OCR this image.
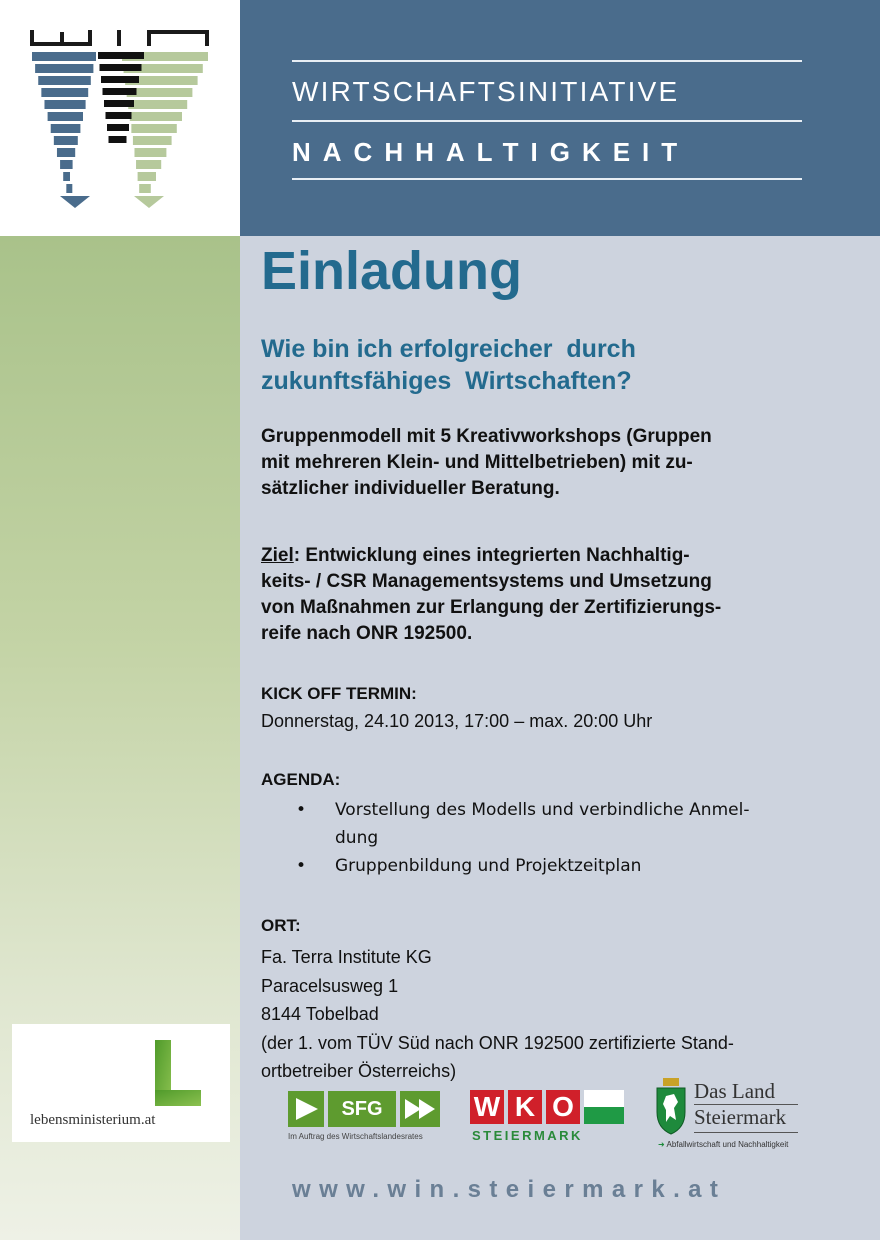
WIRTSCHAFTSINITIATIVE
NACHHALTIGKEIT
lebensministerium.at
Einladung
Wie bin ich erfolgreicher  durch
zukunftsfähiges  Wirtschaften?
Gruppenmodell mit 5 Kreativworkshops (Gruppen
mit mehreren Klein- und Mittelbetrieben) mit zu-
sätzlicher individueller Beratung.
Ziel: Entwicklung eines integrierten Nachhaltig-
keits- / CSR Managementsystems und Umsetzung
von Maßnahmen zur Erlangung der Zertifizierungs-
reife nach ONR 192500.
KICK OFF TERMIN:
Donnerstag, 24.10 2013, 17:00 – max. 20:00 Uhr
AGENDA:
• Vorstellung des Modells und verbindliche Anmel-
dung
• Gruppenbildung und Projektzeitplan
ORT:
Fa. Terra Institute KG
Paracelsusweg 1
8144 Tobelbad
(der 1. vom TÜV Süd nach ONR 192500 zertifizierte Stand-
ortbetreiber Österreichs)
SFG
Im Auftrag des Wirtschaftslandesrates
W K O
STEIERMARK
Das Land
Steiermark
➜ Abfallwirtschaft und Nachhaltigkeit
www.win.steiermark.at
